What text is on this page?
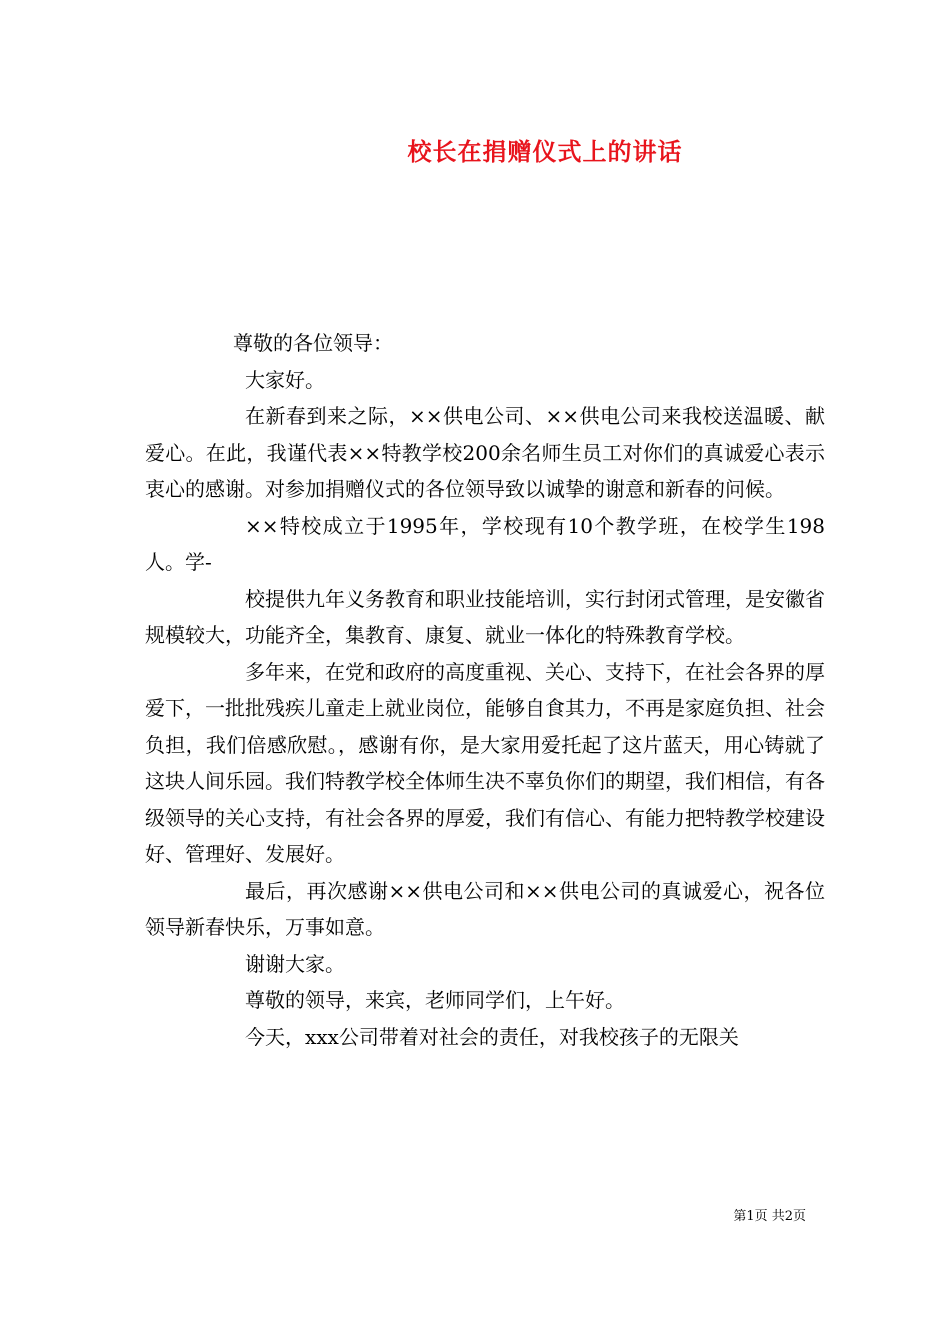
校长在捐赠仪式上的讲话

尊敬的各位领导：

大家好。

在新春到来之际，××供电公司、××供电公司来我校送温暖、献爱心。在此，我谨代表××特教学校200余名师生员工对你们的真诚爱心表示衷心的感谢。对参加捐赠仪式的各位领导致以诚挚的谢意和新春的问候。

××特校成立于1995年，学校现有10个教学班，在校学生198人。学-

校提供九年义务教育和职业技能培训，实行封闭式管理，是安徽省规模较大，功能齐全，集教育、康复、就业一体化的特殊教育学校。

多年来，在党和政府的高度重视、关心、支持下，在社会各界的厚爱下，一批批残疾儿童走上就业岗位，能够自食其力，不再是家庭负担、社会负担，我们倍感欣慰。，感谢有你，是大家用爱托起了这片蓝天，用心铸就了这块人间乐园。我们特教学校全体师生决不辜负你们的期望，我们相信，有各级领导的关心支持，有社会各界的厚爱，我们有信心、有能力把特教学校建设好、管理好、发展好。

最后，再次感谢××供电公司和××供电公司的真诚爱心，祝各位领导新春快乐，万事如意。

谢谢大家。

尊敬的领导，来宾，老师同学们，上午好。

今天，xxx公司带着对社会的责任，对我校孩子的无限关

第1页 共2页
